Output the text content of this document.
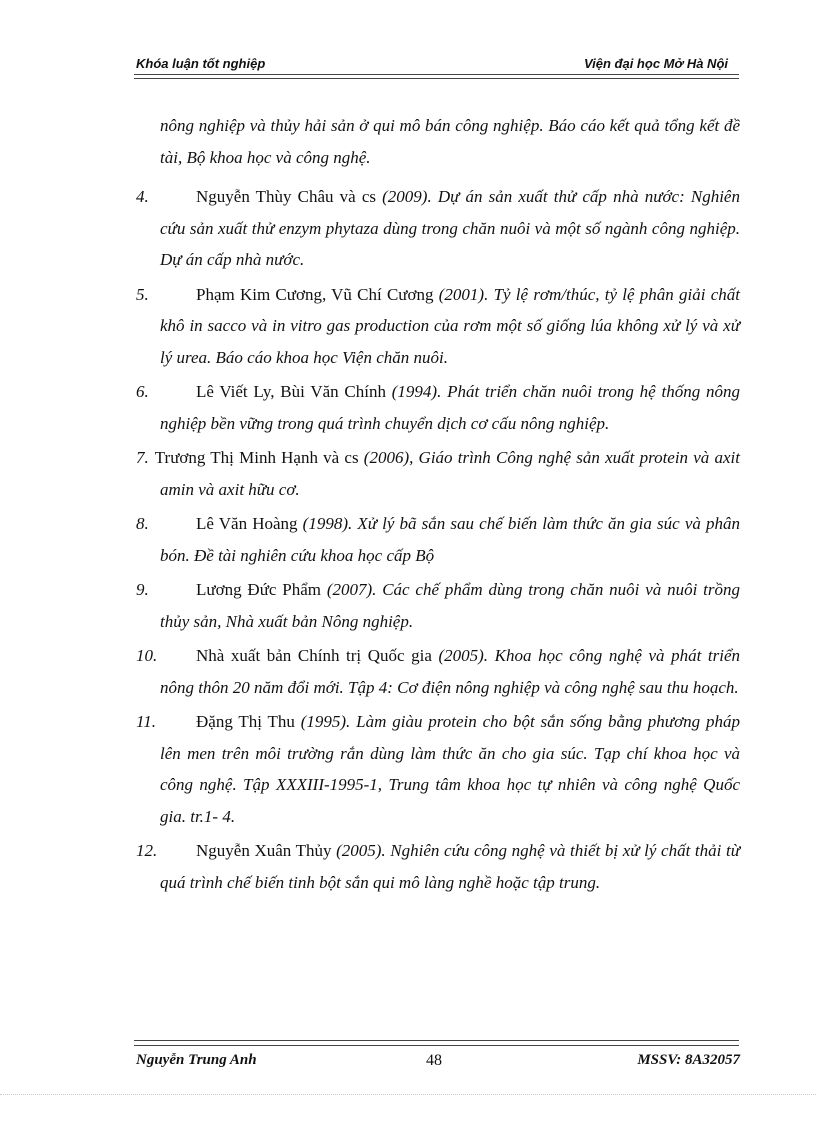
Khóa luận tốt nghiệp	Viện đại học Mở Hà Nội
nông nghiệp và thủy hải sản ở qui mô bán công nghiệp. Báo cáo kết quả tổng kết đề tài, Bộ khoa học và công nghệ.
4.	Nguyễn Thùy Châu và cs (2009). Dự án sản xuất thử cấp nhà nước: Nghiên cứu sản xuất thử enzym phytaza dùng trong chăn nuôi và một số ngành công nghiệp. Dự án cấp nhà nước.
5.	Phạm Kim Cương, Vũ Chí Cương (2001). Tỷ lệ rơm/thúc, tỷ lệ phân giải chất khô in sacco và in vitro gas production của rơm một số giống lúa không xử lý và xử lý urea. Báo cáo khoa học Viện chăn nuôi.
6.	Lê Viết Ly, Bùi Văn Chính (1994). Phát triển chăn nuôi trong hệ thống nông nghiệp bền vững trong quá trình chuyển dịch cơ cấu nông nghiệp.
7. Trương Thị Minh Hạnh và cs (2006), Giáo trình Công nghệ sản xuất protein và axit amin và axit hữu cơ.
8.	Lê Văn Hoàng (1998). Xử lý bã sắn sau chế biến làm thức ăn gia súc và phân bón. Đề tài nghiên cứu khoa học cấp Bộ
9.	Lương Đức Phẩm (2007). Các chế phẩm dùng trong chăn nuôi và nuôi trồng thủy sản, Nhà xuất bản Nông nghiệp.
10. Nhà xuất bản Chính trị Quốc gia (2005). Khoa học công nghệ và phát triển nông thôn 20 năm đổi mới. Tập 4: Cơ điện nông nghiệp và công nghệ sau thu hoạch.
11. Đặng Thị Thu (1995). Làm giàu protein cho bột sắn sống bằng phương pháp lên men trên môi trường rắn dùng làm thức ăn cho gia súc. Tạp chí khoa học và công nghệ. Tập XXXIII-1995-1, Trung tâm khoa học tự nhiên và công nghệ Quốc gia. tr.1- 4.
12. Nguyễn Xuân Thủy (2005). Nghiên cứu công nghệ và thiết bị xử lý chất thải từ quá trình chế biến tinh bột sắn qui mô làng nghề hoặc tập trung.
Nguyễn Trung Anh	48	MSSV: 8A32057
